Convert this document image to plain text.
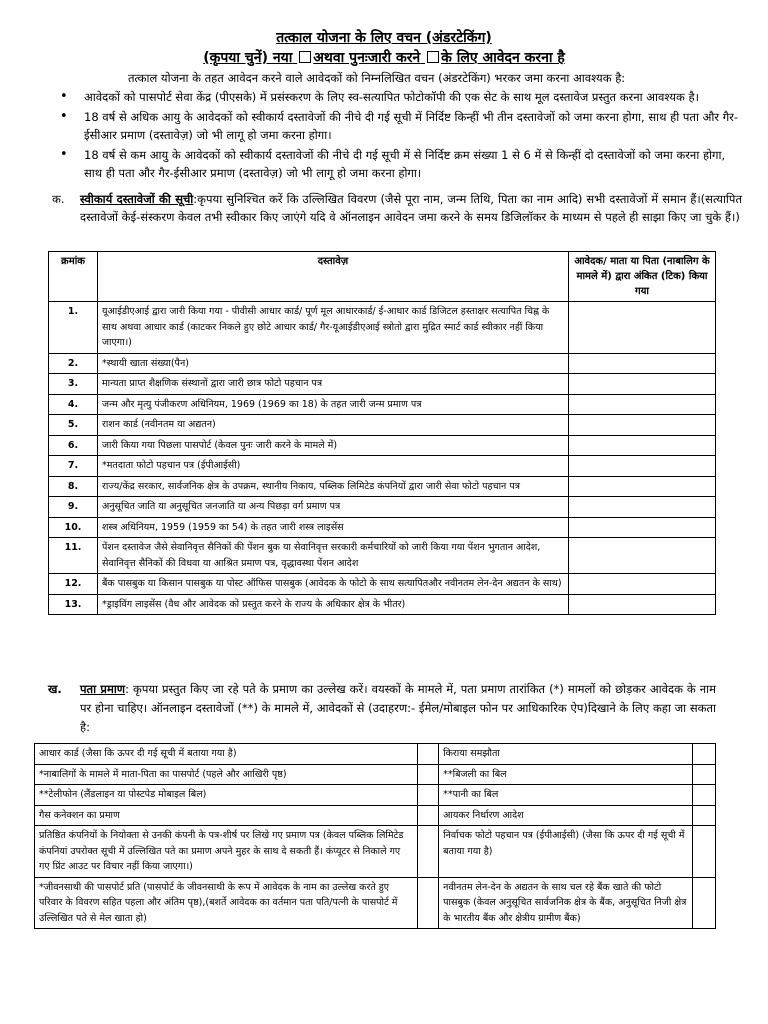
तत्काल योजना के लिए वचन (अंडरटेकिंग)
(कृपया चुनें) नया अथवा पुनःजारी करने के लिए आवेदन करना है
तत्काल योजना के तहत आवेदन करने वाले आवेदकों को निम्नलिखित वचन (अंडरटेकिंग) भरकर जमा करना आवश्यक है:
• आवेदकों को पासपोर्ट सेवा केंद्र (पीएसके) में प्रसंस्करण के लिए स्व-सत्यापित फोटोकॉपी की एक सेट के साथ मूल दस्तावेज प्रस्तुत करना आवश्यक है।
• 18 वर्ष से अधिक आयु के आवेदकों को स्वीकार्य दस्तावेजों की नीचे दी गई सूची में निर्दिष्ट किन्हीं भी तीन दस्तावेजों को जमा करना होगा, साथ ही पता और गैर-ईसीआर प्रमाण (दस्तावेज़) जो भी लागू हो जमा करना होगा।
• 18 वर्ष से कम आयु के आवेदकों को स्वीकार्य दस्तावेजों की नीचे दी गई सूची में से निर्दिष्ट क्रम संख्या 1 से 6 में से किन्हीं दो दस्तावेजों को जमा करना होगा, साथ ही पता और गैर-ईसीआर प्रमाण (दस्तावेज़) जो भी लागू हो जमा करना होगा।
क. स्वीकार्य दस्तावेजों की सूची:कृपया सुनिश्चित करें कि उल्लिखित विवरण (जैसे पूरा नाम, जन्म तिथि, पिता का नाम आदि) सभी दस्तावेजों में समान हैं।(सत्यापित दस्तावेजों केई-संस्करण केवल तभी स्वीकार किए जाएंगे यदि वे ऑनलाइन आवेदन जमा करने के समय डिजिलॉकर के माध्यम से पहले ही साझा किए जा चुके हैं।)
क्रमांक	दस्तावेज़	आवेदक/ माता या पिता (नाबालिग के मामले में) द्वारा अंकित (टिक) किया गया
1.	यूआईडीएआई द्वारा जारी किया गया - पीवीसी आधार कार्ड/ पूर्ण मूल आधारकार्ड/ ई-आधार कार्ड डिजिटल हस्ताक्षर सत्यापित चिह्न के साथ अथवा आधार कार्ड (काटकर निकले हुए छोटे आधार कार्ड/ गैर-यूआईडीएआई स्त्रोतो द्वारा मुद्रित स्मार्ट कार्ड स्वीकार नहीं किया जाएगा।)	
2.	*स्थायी खाता संख्या(पैन)	
3.	मान्यता प्राप्त शैक्षणिक संस्थानों द्वारा जारी छात्र फोटो पहचान पत्र	
4.	जन्म और मृत्यु पंजीकरण अधिनियम, 1969 (1969 का 18) के तहत जारी जन्म प्रमाण पत्र	
5.	राशन कार्ड (नवीनतम या अद्यतन)	
6.	जारी किया गया पिछला पासपोर्ट (केवल पुनः जारी करने के मामले में)	
7.	*मतदाता फोटो पहचान पत्र (ईपीआईसी)	
8.	राज्य/केंद्र सरकार, सार्वजनिक क्षेत्र के उपक्रम, स्थानीय निकाय, पब्लिक लिमिटेड कंपनियों द्वारा जारी सेवा फोटो पहचान पत्र	
9.	अनुसूचित जाति या अनुसूचित जनजाति या अन्य पिछड़ा वर्ग प्रमाण पत्र	
10.	शस्त्र अधिनियम, 1959 (1959 का 54) के तहत जारी शस्त्र लाइसेंस	
11.	पेंशन दस्तावेज जैसे सेवानिवृत्त सैनिकों की पेंशन बुक या सेवानिवृत्त सरकारी कर्मचारियों को जारी किया गया पेंशन भुगतान आदेश, सेवानिवृत्त सैनिकों की विधवा या आश्रित प्रमाण पत्र, वृद्धावस्था पेंशन आदेश	
12.	बैंक पासबुक या किसान पासबुक या पोस्ट ऑफिस पासबुक (आवेदक के फोटो के साथ सत्यापितऔर नवीनतम लेन-देन अद्यतन के साथ)	
13.	*ड्राइविंग लाइसेंस (वैध और आवेदक को प्रस्तुत करने के राज्य के अधिकार क्षेत्र के भीतर)	
ख. पता प्रमाण: कृपया प्रस्तुत किए जा रहे पते के प्रमाण का उल्लेख करें। वयस्कों के मामले में, पता प्रमाण तारांकित (*) मामलों को छोड़कर आवेदक के नाम पर होना चाहिए। ऑनलाइन दस्तावेजों (**) के मामले में, आवेदकों से (उदाहरण:- ईमेल/मोबाइल फोन पर आधिकारिक ऐप)दिखाने के लिए कहा जा सकता है:
आधार कार्ड (जैसा कि ऊपर दी गई सूची में बताया गया है)		किराया समझौता	
*नाबालिगों के मामले में माता-पिता का पासपोर्ट (पहले और आखिरी पृष्ठ)		**बिजली का बिल	
**टेलीफोन (लैंडलाइन या पोस्टपेड मोबाइल बिल)		**पानी का बिल	
गैस कनेक्शन का प्रमाण		आयकर निर्धारण आदेश	
प्रतिष्ठित कंपनियों के नियोक्ता से उनकी कंपनी के पत्र-शीर्ष पर लिखे गए प्रमाण पत्र (केवल पब्लिक लिमिटेड कंपनियां उपरोक्त सूची में उल्लिखित पते का प्रमाण अपने मुहर के साथ दे सकती हैं। कंप्यूटर से निकाले गए गए प्रिंट आउट पर विचार नहीं किया जाएगा।)		निर्वाचक फोटो पहचान पत्र (ईपीआईसी) (जैसा कि ऊपर दी गई सूची में बताया गया है)	
*जीवनसाथी की पासपोर्ट प्रति (पासपोर्ट के जीवनसाथी के रूप में आवेदक के नाम का उल्लेख करते हुए परिवार के विवरण सहित पहला और अंतिम पृष्ठ),(बशर्ते आवेदक का वर्तमान पता पति/पत्नी के पासपोर्ट में उल्लिखित पते से मेल खाता हो)		नवीनतम लेन-देन के अद्यतन के साथ चल रहे बैंक खाते की फोटो पासबुक (केवल अनुसूचित सार्वजनिक क्षेत्र के बैंक, अनुसूचित निजी क्षेत्र के भारतीय बैंक और क्षेत्रीय ग्रामीण बैंक)	
